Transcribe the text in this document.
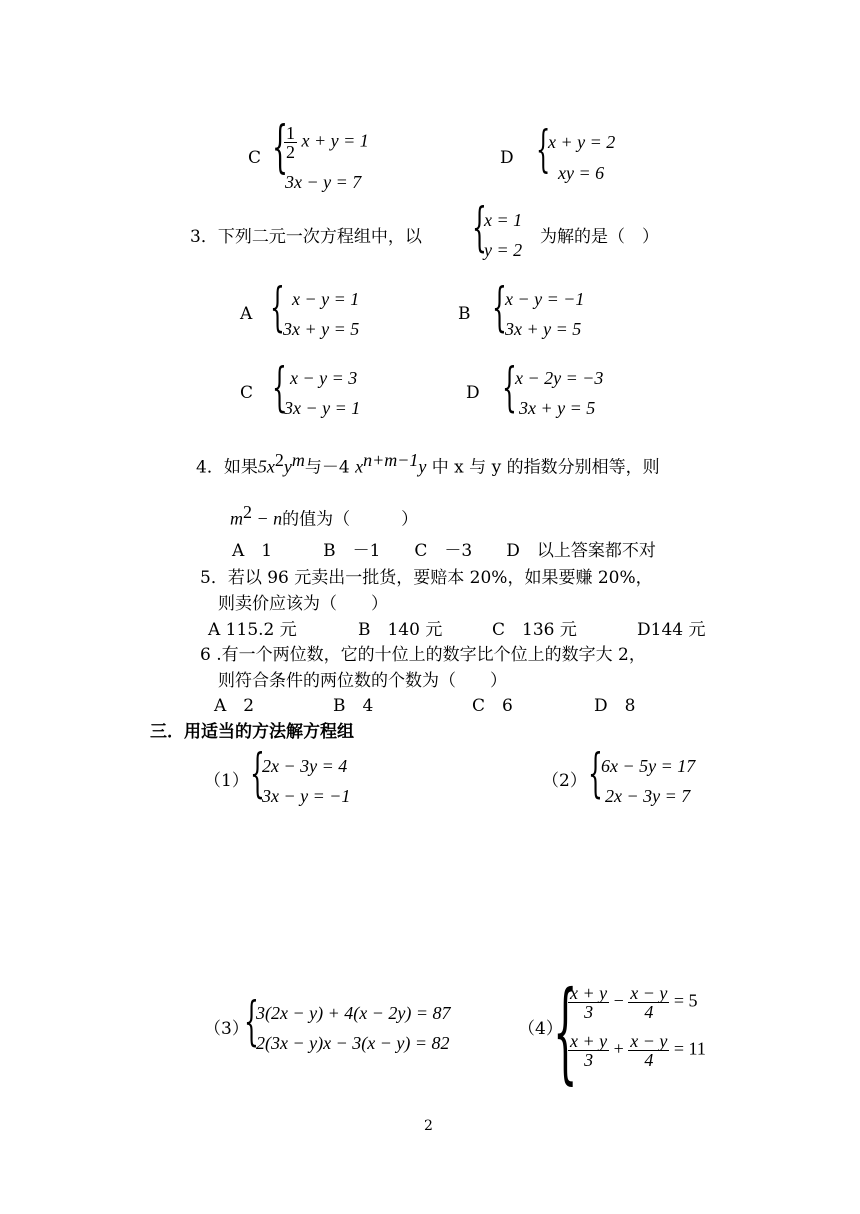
C {
$\frac{1}{2}$ x + y = 1
3x − y = 7
D {
x + y = 2
xy = 6
3．下列二元一次方程组中，以 {
x = 1
y = 2
为解的是（　）
A { x − y = 1
3x + y = 5
B {
x − y = −1
3x + y = 5
C { x − y = 3
3x − y = 1
D {
x − 2y = −3
3x + y = 5
4．如果$5x^2y^m$与－4 $x^{n+m-1}y$ 中 x 与 y 的指数分别相等，则
$m^2 - n$的值为（　　　）
A　1　　　B　－1　　C　－3　　D　以上答案都不对
5．若以 96 元卖出一批货，要赔本 20%，如果要赚 20%，
则卖价应该为（　　）
A 115.2 元	B　140 元	C　136 元	D144 元
6 .有一个两位数，它的十位上的数字比个位上的数字大 2，
则符合条件的两位数的个数为（　　）
A　2	B　4	C　6	D　8
三．用适当的方法解方程组
（1） {
2x − 3y = 4
3x − y = −1
（2） {
6x − 5y = 17
2x − 3y = 7
（3）
{
3(2x − y) + 4(x − 2y) = 87
2(3x − y)x − 3(x − y) = 82
（4）
{
$\frac{x + y}{3} - \frac{x - y}{4} = 5$
$\frac{x + y}{3} + \frac{x - y}{4} = 11$
2
